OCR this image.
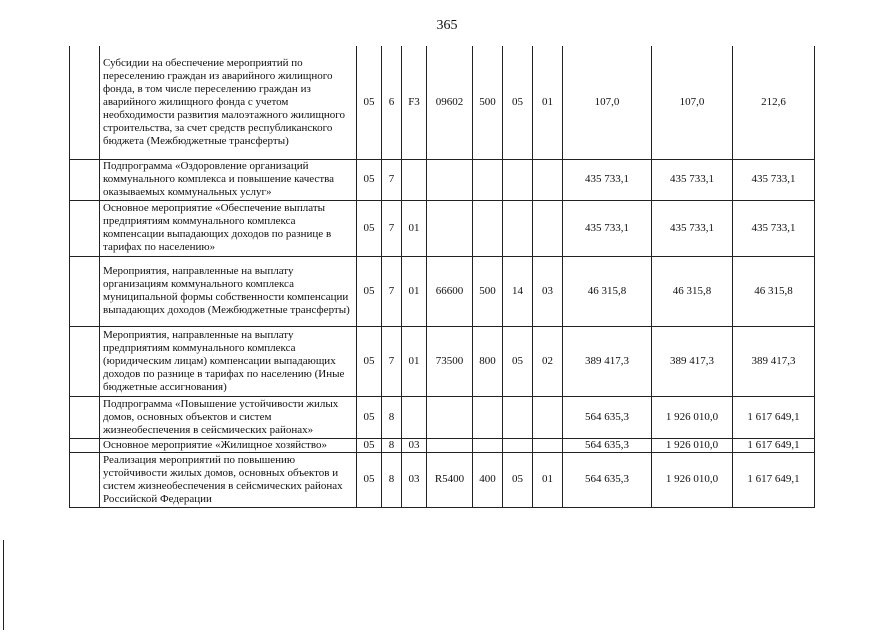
365
	Субсидии на обеспечение мероприятий по переселению граждан из аварийного жилищного фонда, в том числе переселению граждан из аварийного жилищного фонда с учетом необходимости развития малоэтажного жилищного строительства, за счет средств республиканского бюджета (Межбюджетные трансферты)	05	6	F3	09602	500	05	01	107,0	107,0	212,6
	Подпрограмма «Оздоровление организаций коммунального комплекса и повышение качества оказываемых коммунальных услуг»	05	7						435 733,1	435 733,1	435 733,1
	Основное мероприятие «Обеспечение выплаты предприятиям коммунального комплекса компенсации выпадающих доходов по разнице в тарифах по населению»	05	7	01					435 733,1	435 733,1	435 733,1
	Мероприятия, направленные на выплату организациям коммунального комплекса муниципальной формы собственности компенсации выпадающих доходов (Межбюджетные трансферты)	05	7	01	66600	500	14	03	46 315,8	46 315,8	46 315,8
	Мероприятия, направленные на выплату предприятиям коммунального комплекса (юридическим лицам) компенсации выпадающих доходов по разнице в тарифах по населению (Иные бюджетные ассигнования)	05	7	01	73500	800	05	02	389 417,3	389 417,3	389 417,3
	Подпрограмма «Повышение устойчивости жилых домов, основных объектов и систем жизнеобеспечения в сейсмических районах»	05	8						564 635,3	1 926 010,0	1 617 649,1
	Основное мероприятие «Жилищное хозяйство»	05	8	03					564 635,3	1 926 010,0	1 617 649,1
	Реализация мероприятий по повышению устойчивости жилых домов, основных объектов и систем жизнеобеспечения в сейсмических районах Российской Федерации	05	8	03	R5400	400	05	01	564 635,3	1 926 010,0	1 617 649,1
